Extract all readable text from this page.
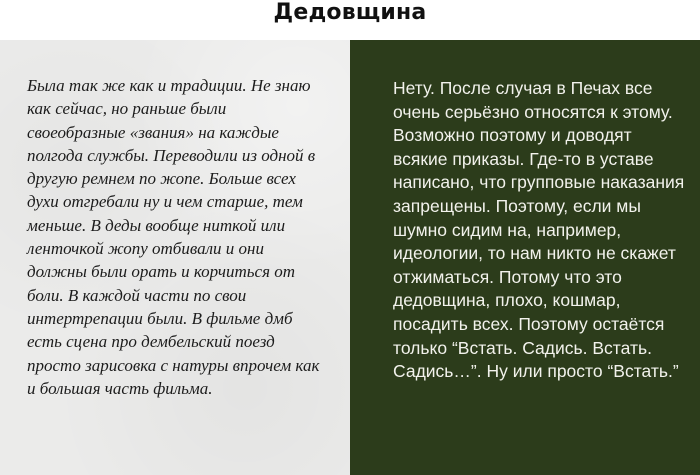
Дедовщина

Была так же как и традиции. Не знаю как сейчас, но раньше были своеобразные «звания» на каждые полгода службы. Переводили из одной в другую ремнем по жопе. Больше всех духи отгребали ну и чем старше, тем меньше. В деды вообще ниткой или ленточкой жопу отбивали и они должны были орать и корчиться от боли. В каждой части по свои интертрепации были. В фильме дмб есть сцена про дембельский поезд просто зарисовка с натуры впрочем как и большая часть фильма.

Нету. После случая в Печах все очень серьёзно относятся к этому. Возможно поэтому и доводят всякие приказы. Где-то в уставе написано, что групповые наказания запрещены. Поэтому, если мы шумно сидим на, например, идеологии, то нам никто не скажет отжиматься. Потому что это дедовщина, плохо, кошмар, посадить всех. Поэтому остаётся только “Встать. Садись. Встать. Садись…”. Ну или просто “Встать.”
